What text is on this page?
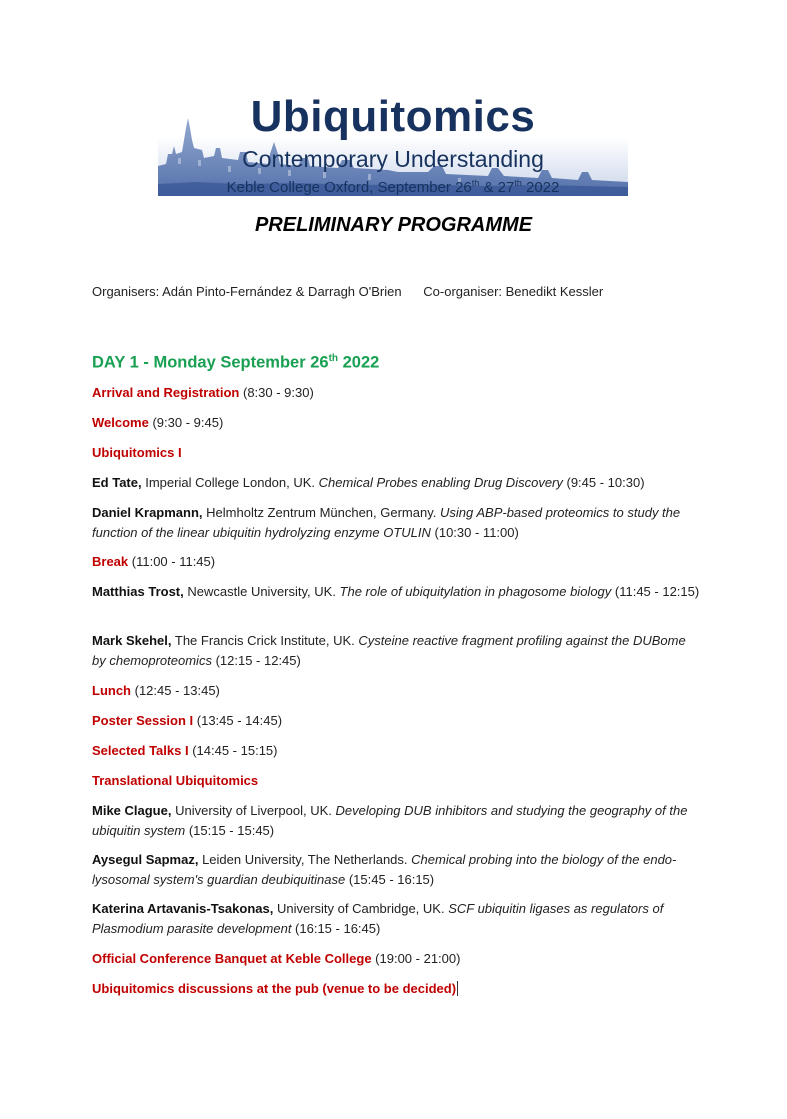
Ubiquitomics
Contemporary Understanding
Keble College Oxford, September 26th & 27th 2022
PRELIMINARY PROGRAMME
Organisers: Adán Pinto-Fernández & Darragh O'Brien Co-organiser: Benedikt Kessler
DAY 1 - Monday September 26th 2022
Arrival and Registration (8:30 - 9:30)
Welcome (9:30 - 9:45)
Ubiquitomics I
Ed Tate, Imperial College London, UK. Chemical Probes enabling Drug Discovery (9:45 - 10:30)
Daniel Krapmann, Helmholtz Zentrum München, Germany. Using ABP-based proteomics to study the function of the linear ubiquitin hydrolyzing enzyme OTULIN (10:30 - 11:00)
Break (11:00 - 11:45)
Matthias Trost, Newcastle University, UK. The role of ubiquitylation in phagosome biology (11:45 - 12:15)
Mark Skehel, The Francis Crick Institute, UK. Cysteine reactive fragment profiling against the DUBome by chemoproteomics (12:15 - 12:45)
Lunch (12:45 - 13:45)
Poster Session I (13:45 - 14:45)
Selected Talks I (14:45 - 15:15)
Translational Ubiquitomics
Mike Clague, University of Liverpool, UK. Developing DUB inhibitors and studying the geography of the ubiquitin system (15:15 - 15:45)
Aysegul Sapmaz, Leiden University, The Netherlands. Chemical probing into the biology of the endo-lysosomal system's guardian deubiquitinase (15:45 - 16:15)
Katerina Artavanis-Tsakonas, University of Cambridge, UK. SCF ubiquitin ligases as regulators of Plasmodium parasite development (16:15 - 16:45)
Official Conference Banquet at Keble College (19:00 - 21:00)
Ubiquitomics discussions at the pub (venue to be decided)
